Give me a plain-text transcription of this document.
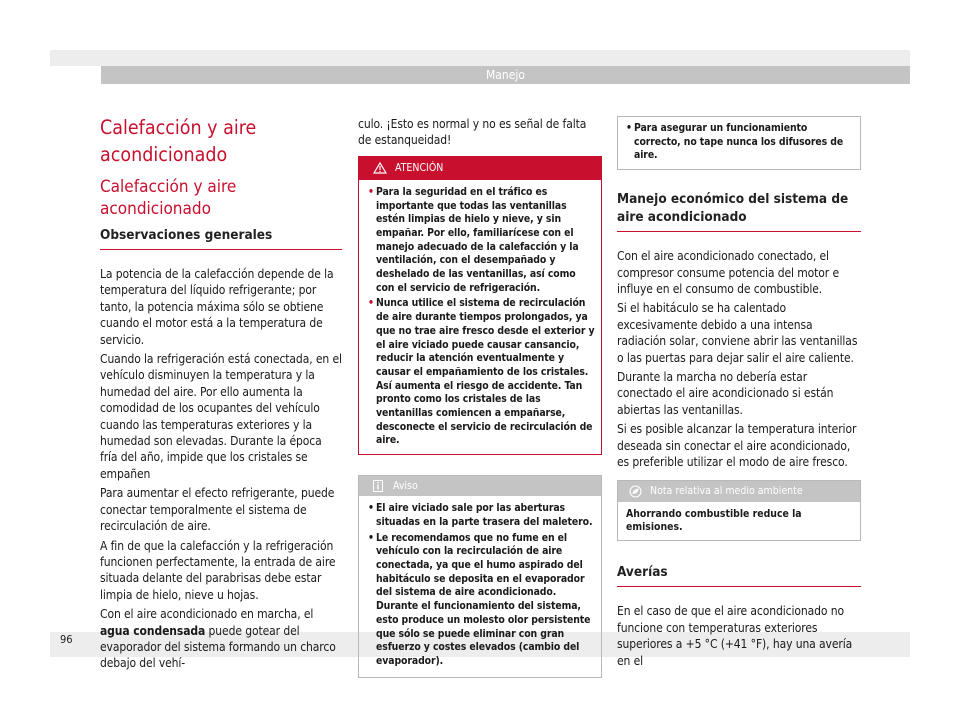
Manejo
Calefacción y aire acondicionado
Calefacción y aire acondicionado
Observaciones generales

La potencia de la calefacción depende de la temperatura del líquido refrigerante; por tanto, la potencia máxima sólo se obtiene cuando el motor está a la temperatura de servicio.

Cuando la refrigeración está conectada, en el vehículo disminuyen la temperatura y la humedad del aire. Por ello aumenta la comodidad de los ocupantes del vehículo cuando las temperaturas exteriores y la humedad son elevadas. Durante la época fría del año, impide que los cristales se empañen

Para aumentar el efecto refrigerante, puede conectar temporalmente el sistema de recirculación de aire.

A fin de que la calefacción y la refrigeración funcionen perfectamente, la entrada de aire situada delante del parabrisas debe estar limpia de hielo, nieve u hojas.

Con el aire acondicionado en marcha, el agua condensada puede gotear del evaporador del sistema formando un charco debajo del vehí-

culo. ¡Esto es normal y no es señal de falta de estanqueidad!

ATENCIÓN
• Para la seguridad en el tráfico es importante que todas las ventanillas estén limpias de hielo y nieve, y sin empañar. Por ello, familiarícese con el manejo adecuado de la calefacción y la ventilación, con el desempañado y deshelado de las ventanillas, así como con el servicio de refrigeración.
• Nunca utilice el sistema de recirculación de aire durante tiempos prolongados, ya que no trae aire fresco desde el exterior y el aire viciado puede causar cansancio, reducir la atención eventualmente y causar el empañamiento de los cristales. Así aumenta el riesgo de accidente. Tan pronto como los cristales de las ventanillas comiencen a empañarse, desconecte el servicio de recirculación de aire.
Aviso
• El aire viciado sale por las aberturas situadas en la parte trasera del maletero.
• Le recomendamos que no fume en el vehículo con la recirculación de aire conectada, ya que el humo aspirado del habitáculo se deposita en el evaporador del sistema de aire acondicionado. Durante el funcionamiento del sistema, esto produce un molesto olor persistente que sólo se puede eliminar con gran esfuerzo y costes elevados (cambio del evaporador).
• Para asegurar un funcionamiento correcto, no tape nunca los difusores de aire.
Manejo económico del sistema de aire acondicionado

Con el aire acondicionado conectado, el compresor consume potencia del motor e influye en el consumo de combustible.

Si el habitáculo se ha calentado excesivamente debido a una intensa radiación solar, conviene abrir las ventanillas o las puertas para dejar salir el aire caliente.

Durante la marcha no debería estar conectado el aire acondicionado si están abiertas las ventanillas.

Si es posible alcanzar la temperatura interior deseada sin conectar el aire acondicionado, es preferible utilizar el modo de aire fresco.

Nota relativa al medio ambiente
Ahorrando combustible reduce la emisiones.
Averías

En el caso de que el aire acondicionado no funcione con temperaturas exteriores superiores a +5 °C (+41 °F), hay una avería en el

96
